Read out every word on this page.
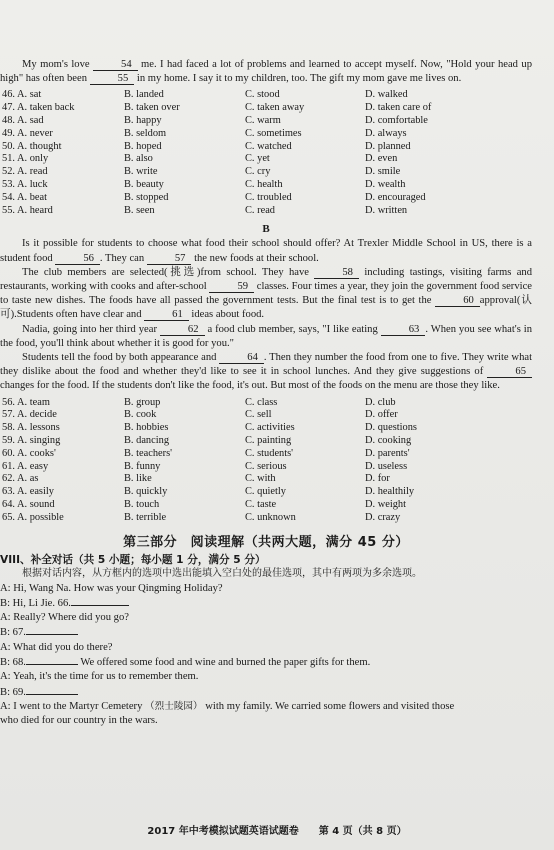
My mom's love	54 me. I had faced a lot of problems and learned to accept myself. Now, "Hold your head up high" has often been	55 in my home. I say it to my children, too. The gift my mom gave me lives on.

46. A. sat	B. landed	C. stood	D. walked
47. A. taken back	B. taken over	C. taken away	D. taken care of
48. A. sad	B. happy	C. warm	D. comfortable
49. A. never	B. seldom	C. sometimes	D. always
50. A. thought	B. hoped	C. watched	D. planned
51. A. only	B. also	C. yet	D. even
52. A. read	B. write	C. cry	D. smile
53. A. luck	B. beauty	C. health	D. wealth
54. A. beat	B. stopped	C. troubled	D. encouraged
55. A. heard	B. seen	C. read	D. written
B

Is it possible for students to choose what food their school should offer? At Trexler Middle School in US, there is a student food	56 . They can	57 the new foods at their school.

The club members are selected(挑选)from school. They have	58 including tastings, visiting farms and restaurants, working with cooks and after-school	59 classes. Four times a year, they join the government food service to taste new dishes. The foods have all passed the government tests. But the final test is to get the	60 approval(认可).Students often have clear and	61 ideas about food.

Nadia, going into her third year	62 a food club member, says, "I like eating	63 . When you see what's in the food, you'll think about whether it is good for you."

Students tell the food by both appearance and	64 . Then they number the food from one to five. They write what they dislike about the food and whether they'd like to see it in school lunches. And they give suggestions of	65 changes for the food. If the students don't like the food, it's out. But most of the foods on the menu are those they like.

56. A. team	B. group	C. class	D. club
57. A. decide	B. cook	C. sell	D. offer
58. A. lessons	B. hobbies	C. activities	D. questions
59. A. singing	B. dancing	C. painting	D. cooking
60. A. cooks'	B. teachers'	C. students'	D. parents'
61. A. easy	B. funny	C. serious	D. useless
62. A. as	B. like	C. with	D. for
63. A. easily	B. quickly	C. quietly	D. healthily
64. A. sound	B. touch	C. taste	D. weight
65. A. possible	B. terrible	C. unknown	D. crazy
第三部分　阅读理解（共两大题，满分 45 分）

VIII、补全对话（共 5 小题；每小题 1 分，满分 5 分）

根据对话内容，从方框内的选项中选出能填入空白处的最佳选项，其中有两项为多余选项。

A: Hi, Wang Na. How was your Qingming Holiday?

B: Hi, Li Jie. 66.

A: Really? Where did you go?

B: 67.

A: What did you do there?

B: 68.	We offered some food and wine and burned the paper gifts for them.

A: Yeah, it's the time for us to remember them.

B: 69.

A: I went to the Martyr Cemetery （烈士陵园） with my family. We carried some flowers and visited those

who died for our country in the wars.

2017 年中考模拟试题英语试题卷　　第 4 页（共 8 页）
